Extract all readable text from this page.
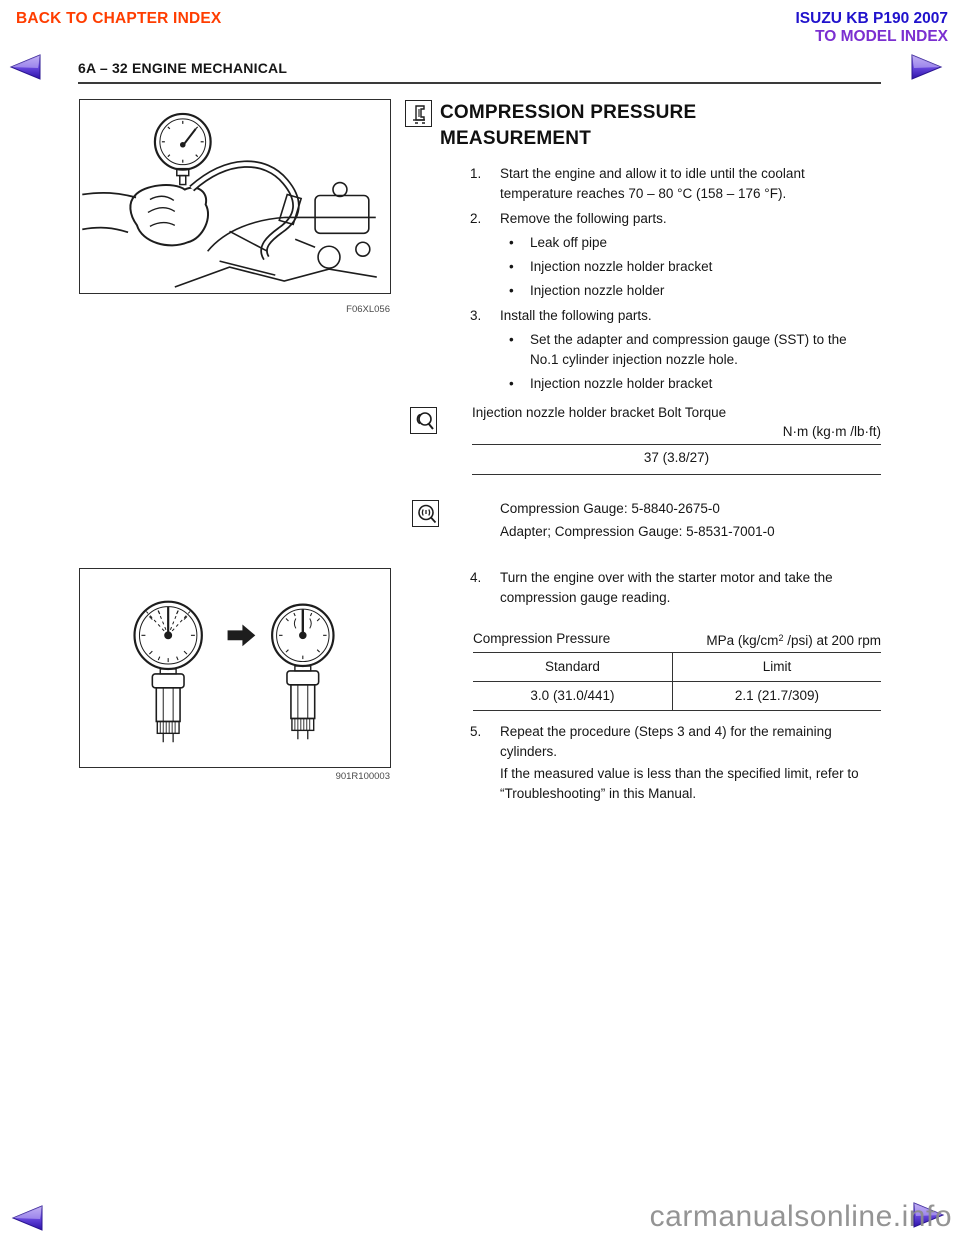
BACK TO CHAPTER INDEX	ISUZU KB P190 2007
TO MODEL INDEX
6A – 32 ENGINE MECHANICAL
F06XL056
COMPRESSION PRESSURE
MEASUREMENT
1.	Start the engine and allow it to idle until the coolant temperature reaches 70 – 80 °C (158 – 176 °F).
2.	Remove the following parts.
•	Leak off pipe
•	Injection nozzle holder bracket
•	Injection nozzle holder
3.	Install the following parts.
•	Set the adapter and compression gauge (SST) to the No.1 cylinder injection nozzle hole.
•	Injection nozzle holder bracket
Injection nozzle holder bracket Bolt Torque
N·m (kg·m /lb·ft)
37 (3.8/27)
Compression Gauge: 5-8840-2675-0
Adapter; Compression Gauge: 5-8531-7001-0
901R100003
4.	Turn the engine over with the starter motor and take the compression gauge reading.
Compression Pressure	MPa ($kg/cm^2$ /psi) at 200 rpm
Standard	Limit
3.0 (31.0/441)	2.1 (21.7/309)
5.	Repeat the procedure (Steps 3 and 4) for the remaining cylinders.
If the measured value is less than the specified limit, refer to “Troubleshooting” in this Manual.
carmanualsonline.info
